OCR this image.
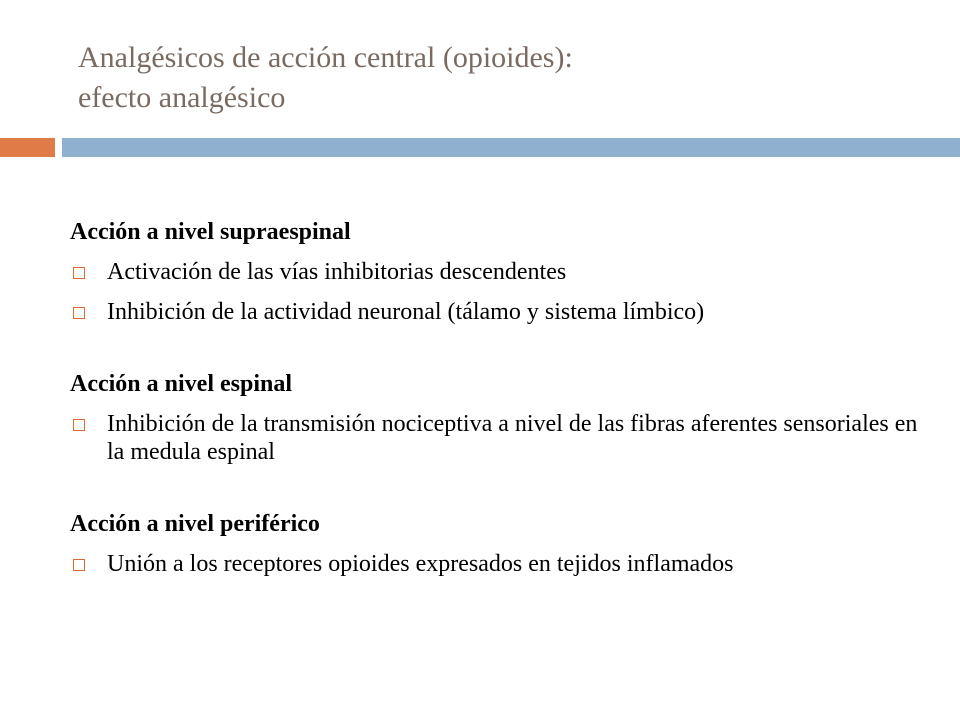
Analgésicos de acción central (opioides):
efecto analgésico
Acción a nivel supraespinal
Activación de las vías inhibitorias descendentes
Inhibición de la actividad neuronal (tálamo y sistema límbico)
Acción a nivel espinal
Inhibición de la transmisión nociceptiva a nivel de las fibras aferentes sensoriales en la medula espinal
Acción a nivel periférico
Unión a los receptores opioides expresados en tejidos inflamados
